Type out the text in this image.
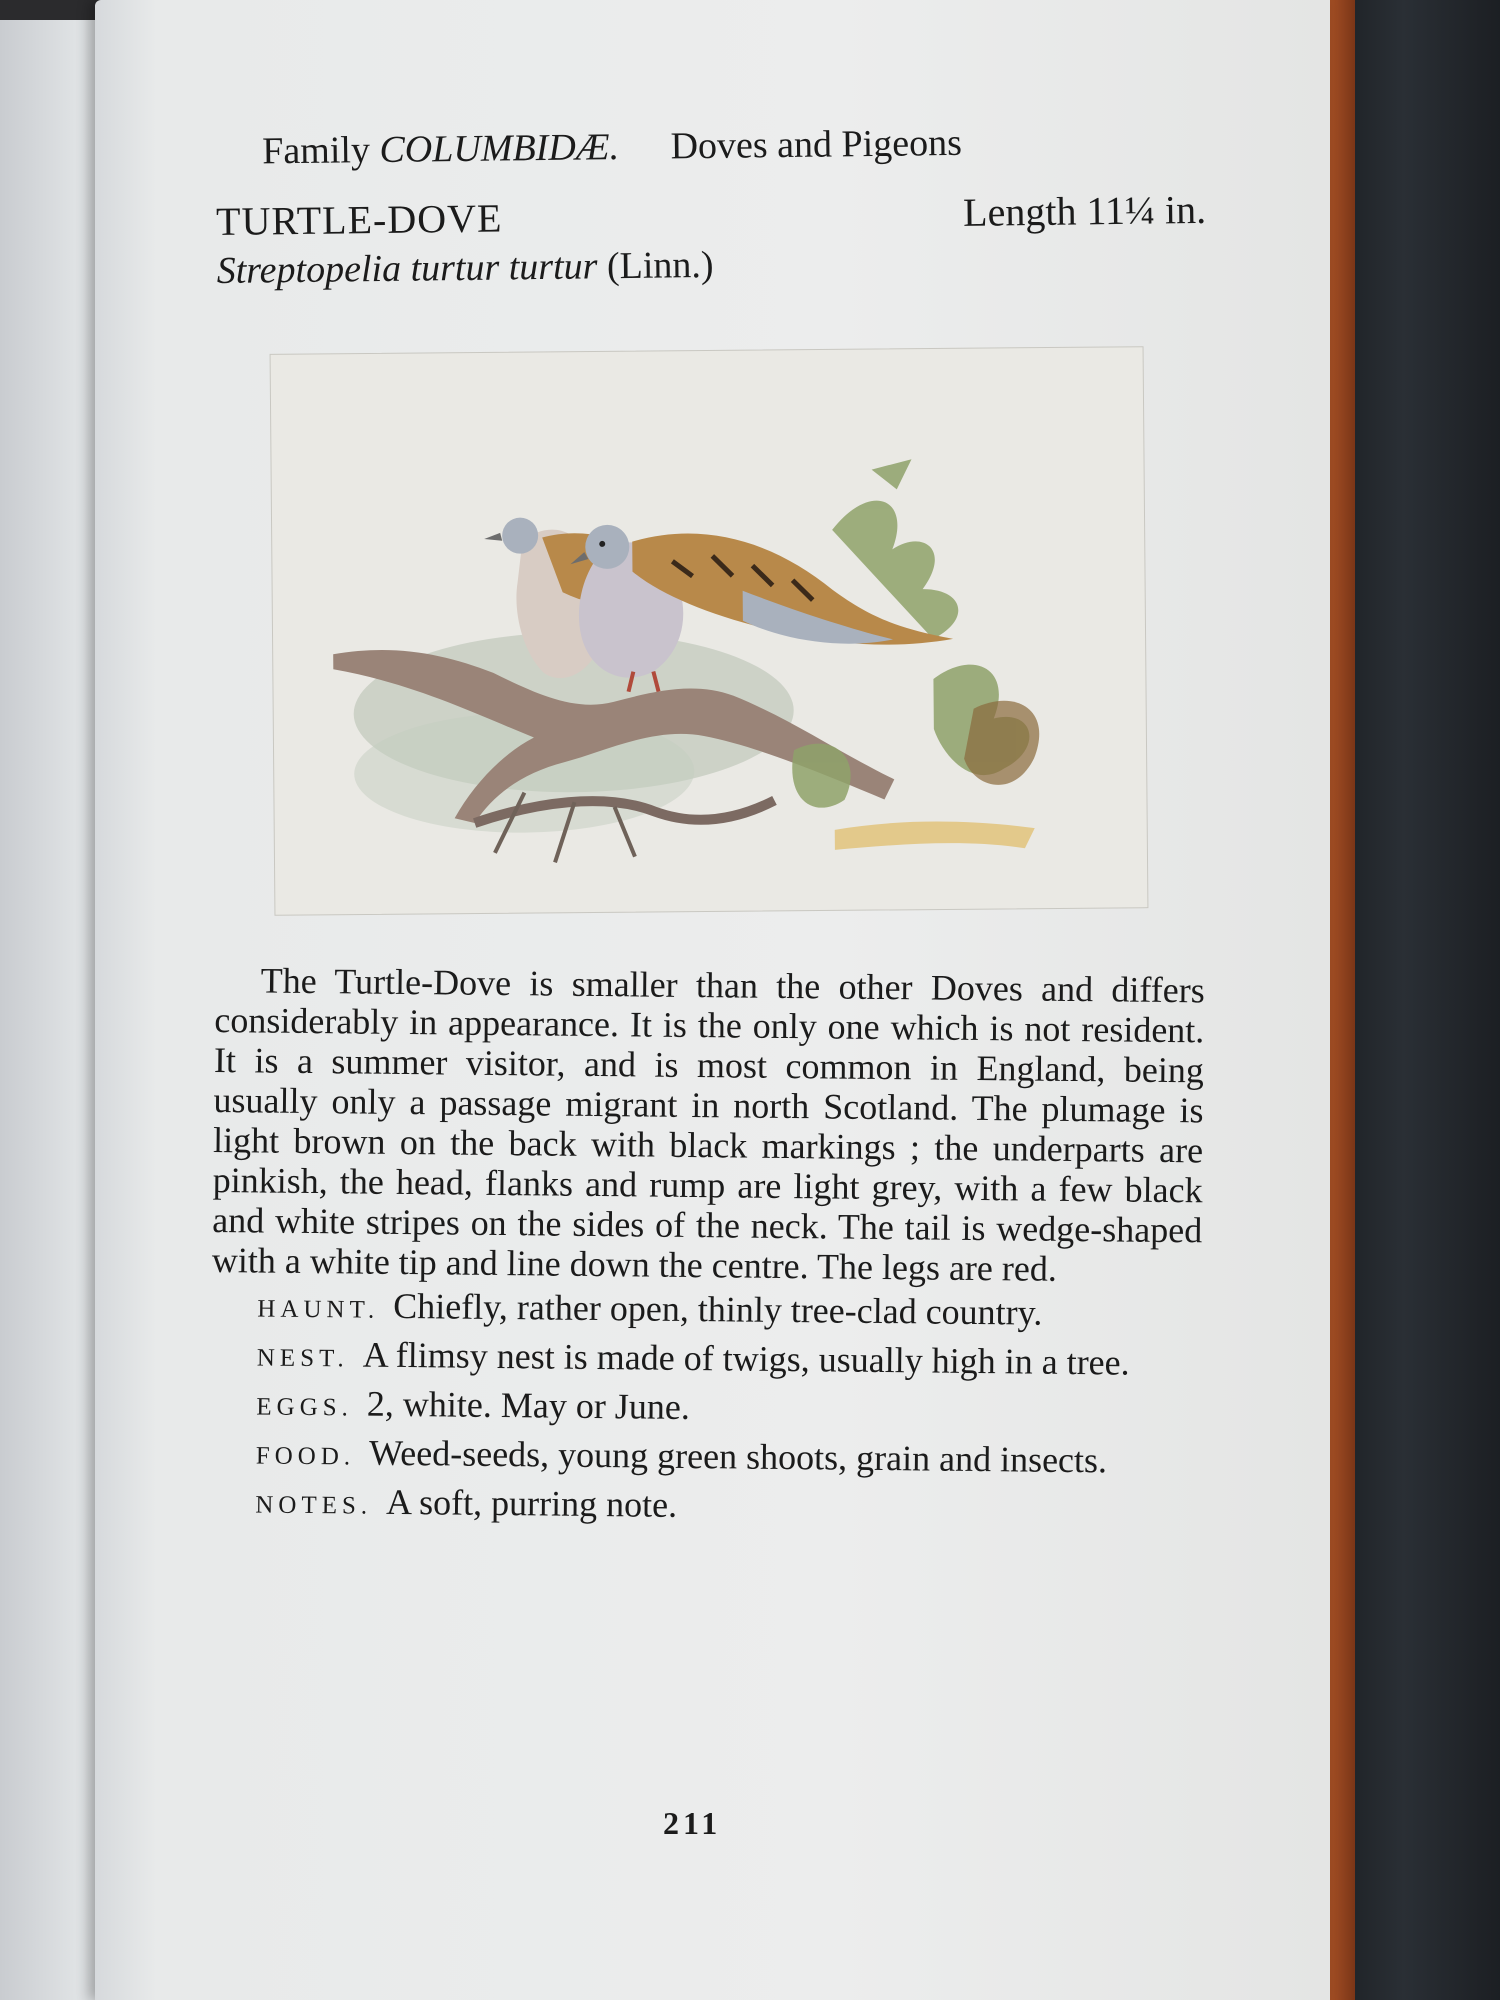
Family COLUMBIDÆ. Doves and Pigeons
TURTLE-DOVE	Length 11¼ in.
Streptopelia turtur turtur (Linn.)

The Turtle-Dove is smaller than the other Doves and differs considerably in appearance. It is the only one which is not resident. It is a summer visitor, and is most common in England, being usually only a passage migrant in north Scotland. The plumage is light brown on the back with black markings ; the underparts are pinkish, the head, flanks and rump are light grey, with a few black and white stripes on the sides of the neck. The tail is wedge-shaped with a white tip and line down the centre. The legs are red.

HAUNT. Chiefly, rather open, thinly tree-clad country.

NEST. A flimsy nest is made of twigs, usually high in a tree.

EGGS. 2, white. May or June.

FOOD. Weed-seeds, young green shoots, grain and insects.

NOTES. A soft, purring note.

211
